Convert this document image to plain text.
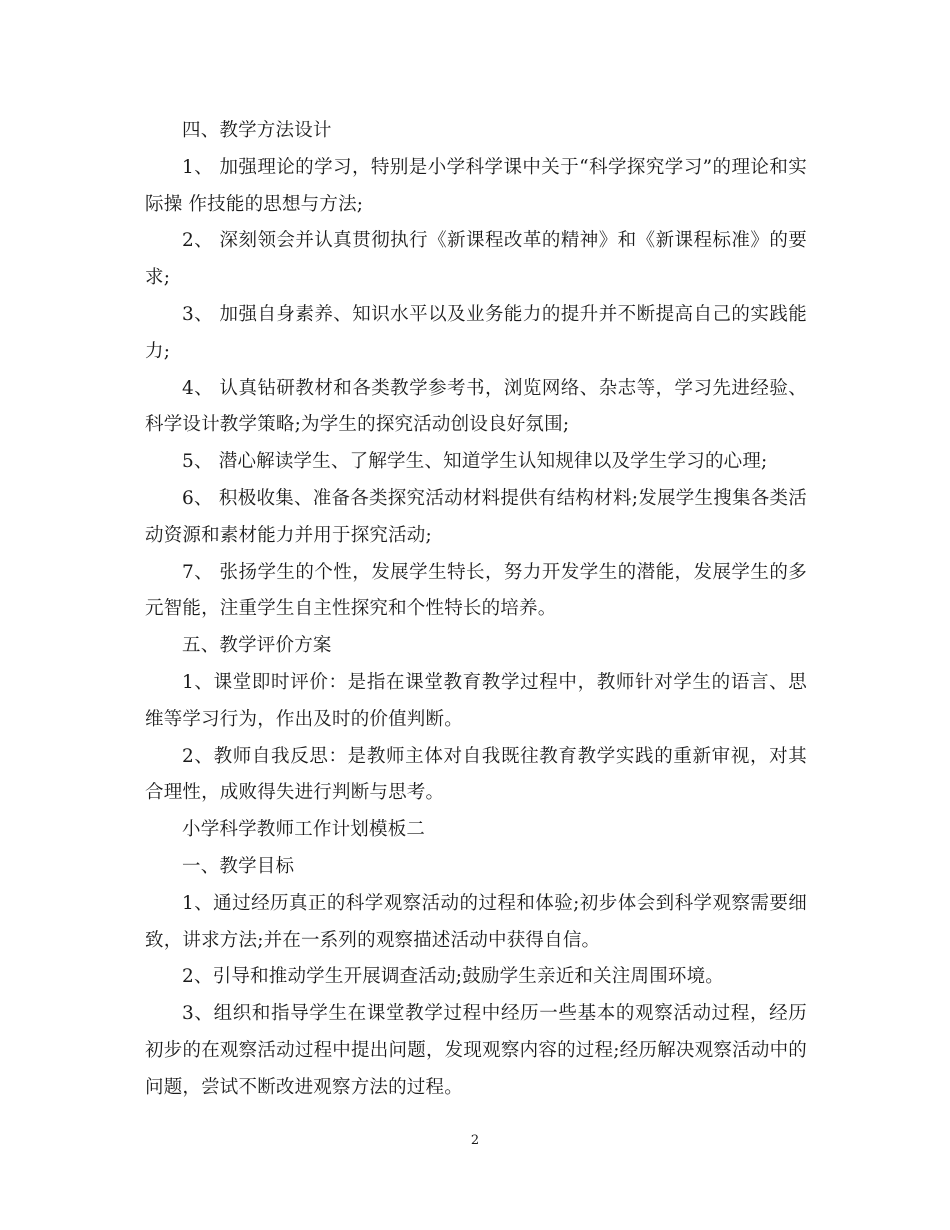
四、教学方法设计

1、 加强理论的学习，特别是小学科学课中关于“科学探究学习”的理论和实际操 作技能的思想与方法;

2、 深刻领会并认真贯彻执行《新课程改革的精神》和《新课程标准》的要求;

3、 加强自身素养、知识水平以及业务能力的提升并不断提高自己的实践能力;

4、 认真钻研教材和各类教学参考书，浏览网络、杂志等，学习先进经验、科学设计教学策略;为学生的探究活动创设良好氛围;

5、 潜心解读学生、了解学生、知道学生认知规律以及学生学习的心理;

6、 积极收集、准备各类探究活动材料提供有结构材料;发展学生搜集各类活动资源和素材能力并用于探究活动;

7、 张扬学生的个性，发展学生特长，努力开发学生的潜能，发展学生的多元智能，注重学生自主性探究和个性特长的培养。

五、教学评价方案

1、课堂即时评价：是指在课堂教育教学过程中，教师针对学生的语言、思维等学习行为，作出及时的价值判断。

2、教师自我反思：是教师主体对自我既往教育教学实践的重新审视，对其合理性，成败得失进行判断与思考。

小学科学教师工作计划模板二

一、教学目标

1、通过经历真正的科学观察活动的过程和体验;初步体会到科学观察需要细致，讲求方法;并在一系列的观察描述活动中获得自信。

2、引导和推动学生开展调查活动;鼓励学生亲近和关注周围环境。

3、组织和指导学生在课堂教学过程中经历一些基本的观察活动过程，经历初步的在观察活动过程中提出问题，发现观察内容的过程;经历解决观察活动中的问题，尝试不断改进观察方法的过程。

2
